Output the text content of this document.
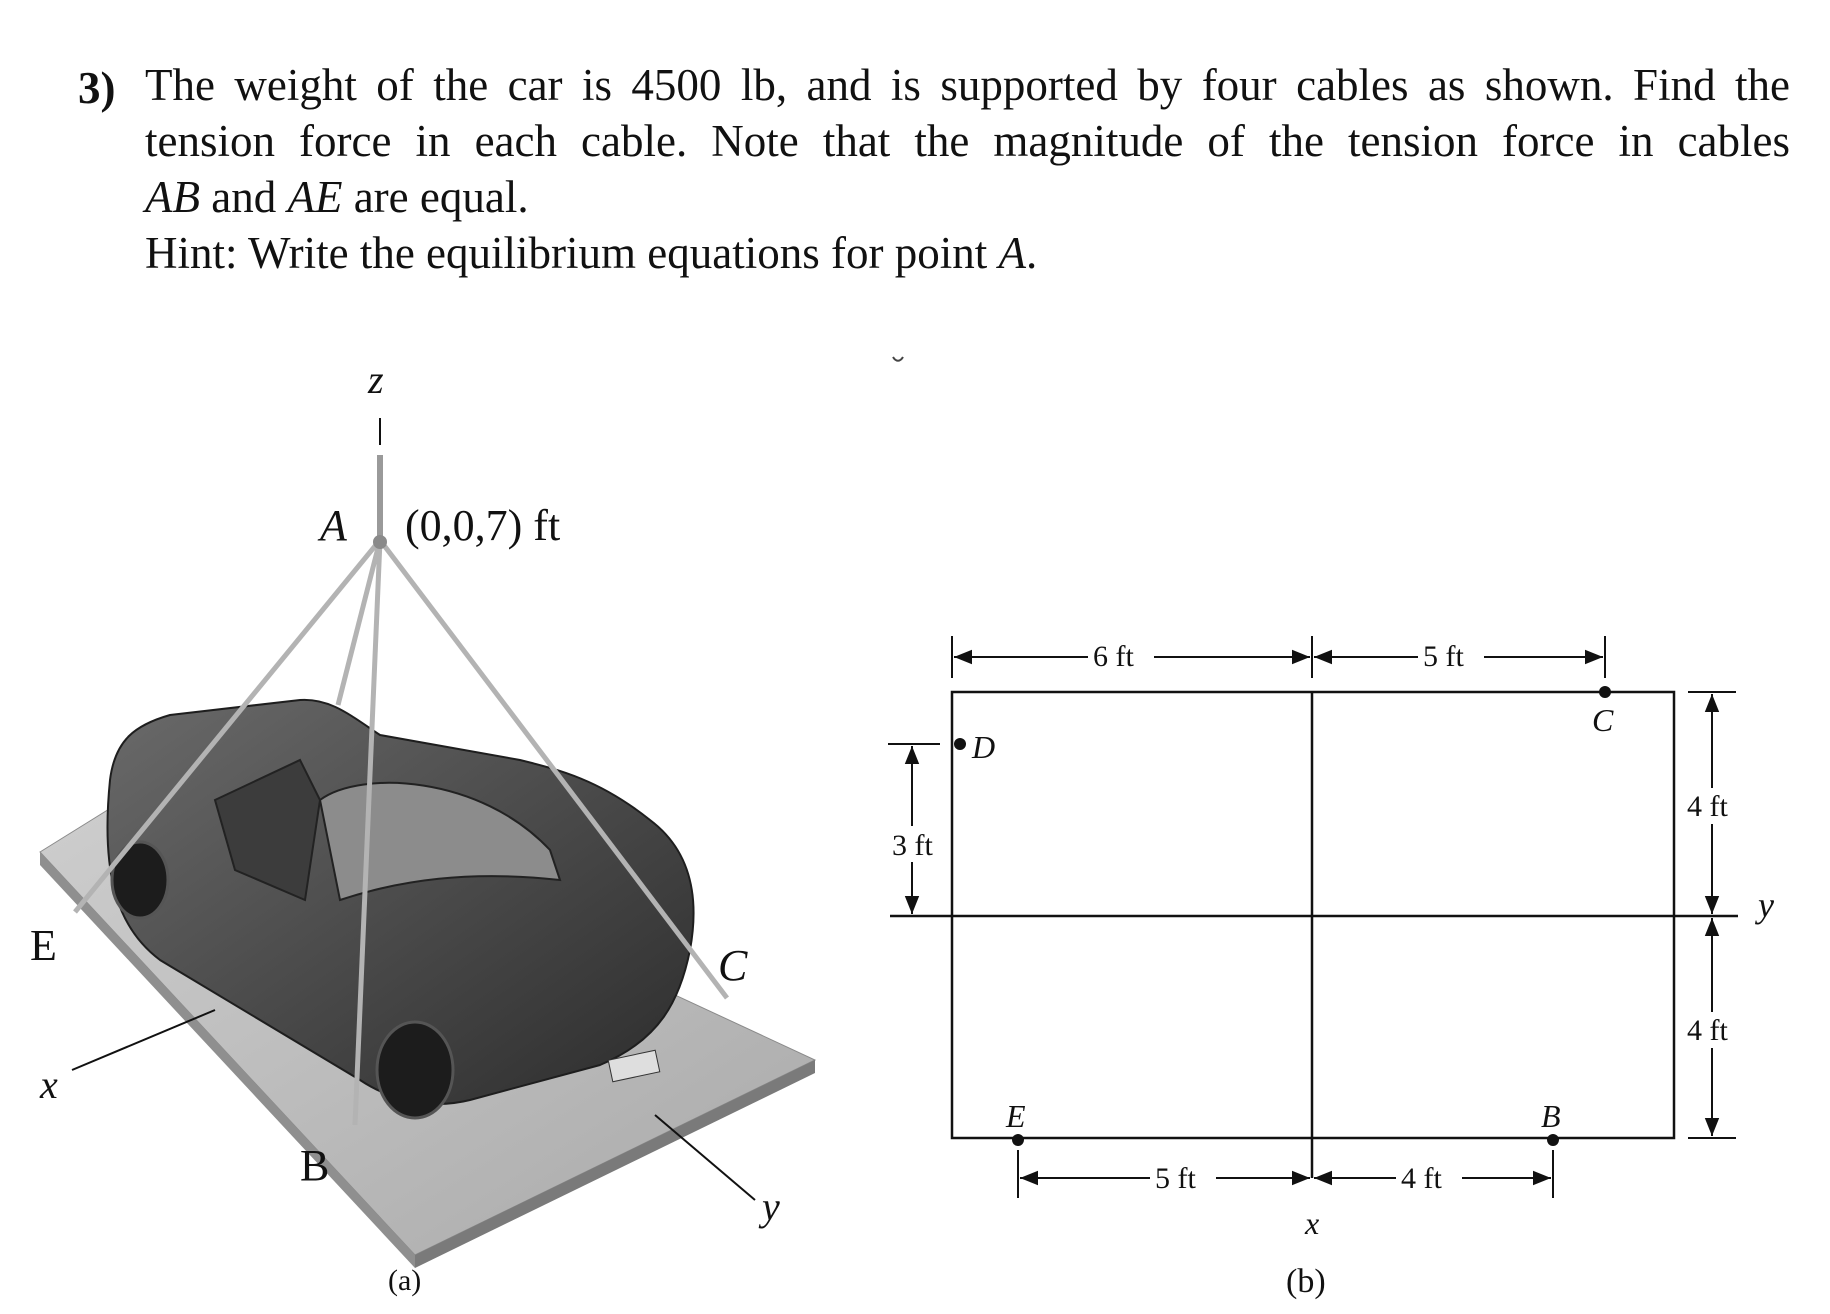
3) The weight of the car is 4500 lb, and is supported by four cables as shown. Find the
tension force in each cable. Note that the magnitude of the tension force in cables
AB and AE are equal.
Hint: Write the equilibrium equations for point A.
z
A (0,0,7) ft
E
x
C
B
y
(a)
6 ft	5 ft
3 ft
4 ft
4 ft
5 ft	4 ft
D
C
E	B
y
x
(b)
